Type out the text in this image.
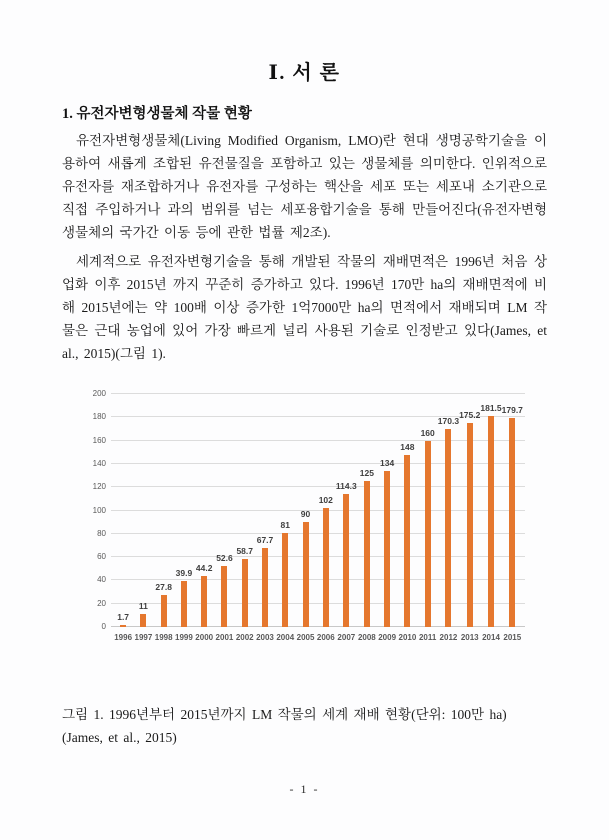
Ⅰ. 서 론
1. 유전자변형생물체 작물 현황

유전자변형생물체(Living Modified Organism, LMO)란 현대 생명공학기술을 이용하여 새롭게 조합된 유전물질을 포함하고 있는 생물체를 의미한다. 인위적으로 유전자를 재조합하거나 유전자를 구성하는 핵산을 세포 또는 세포내 소기관으로 직접 주입하거나 과의 범위를 넘는 세포융합기술을 통해 만들어진다(유전자변형생물체의 국가간 이동 등에 관한 법률 제2조).

세계적으로 유전자변형기술을 통해 개발된 작물의 재배면적은 1996년 처음 상업화 이후 2015년 까지 꾸준히 증가하고 있다. 1996년 170만 ha의 재배면적에 비해 2015년에는 약 100배 이상 증가한 1억7000만 ha의 면적에서 재배되며 LM 작물은 근대 농업에 있어 가장 빠르게 널리 사용된 기술로 인정받고 있다(James, et al., 2015)(그림 1).

0
20
40
60
80
100
120
140
160
180
200
1.7
1996
11
1997
27.8
1998
39.9
1999
44.2
2000
52.6
2001
58.7
2002
67.7
2003
81
2004
90
2005
102
2006
114.3
2007
125
2008
134
2009
148
2010
160
2011
170.3
2012
175.2
2013
181.5
2014
179.7
2015

그림 1. 1996년부터 2015년까지 LM 작물의 세계 재배 현황(단위: 100만 ha)
(James, et al., 2015)

- 1 -
